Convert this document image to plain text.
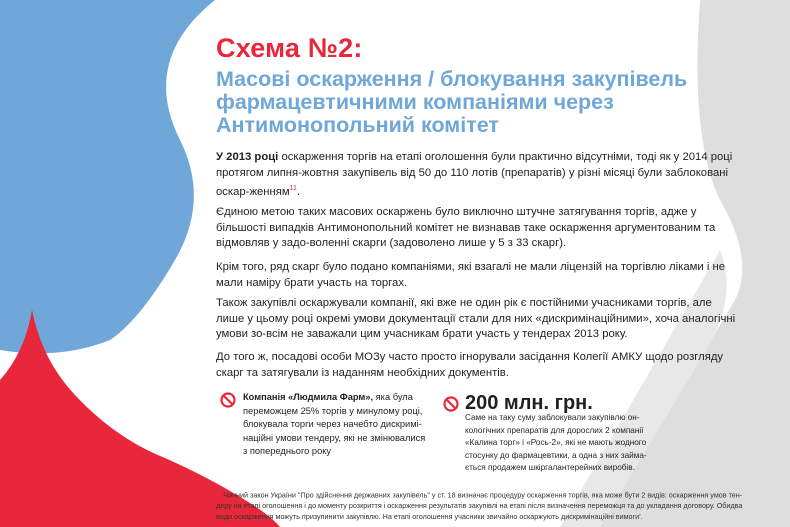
Схема №2:
Масові оскарження / блокування закупівель фармацевтичними компаніями через Антимонопольний комітет
У 2013 році оскарження торгів на етапі оголошення були практично відсутніми, тоді як у 2014 році протягом липня-жовтня закупівель від 50 до 110 лотів (препаратів) у різні місяці були заблоковані оскар-женням$^{11}$.
Єдиною метою таких масових оскаржень було виключно штучне затягування торгів, адже у більшості випадків Антимонопольний комітет не визнавав таке оскарження аргументованим та відмовляв у задо-воленні скарги (задоволено лише у 5 з 33 скарг).
Крім того, ряд скарг було подано компаніями, які взагалі не мали ліцензій на торгівлю ліками і не мали наміру брати участь на торгах.
Також закупівлі оскаржували компанії, які вже не один рік є постійними учасниками торгів, але лише у цьому році окремі умови документації стали для них «дискримінаційними», хоча аналогічні умови зо-всім не заважали цим учасникам брати участь у тендерах 2013 року.
До того ж, посадові особи МОЗу часто просто ігнорували засідання Колегії АМКУ щодо розгляду скарг та затягували із наданням необхідних документів.
Компанія «Людмила Фарм», яка була переможцем 25% торгів у минулому році, блокувала торги через начебто дискримі-наційні умови тендеру, які не змінювалися з попереднього року
200 млн. грн.
Саме на таку суму заблокували закупівлю он-кологічних препаратів для дорослих 2 компанії «Калина торг» і «Рось-2», які не мають жодного стосунку до фармацевтики, а одна з них займа-ється продажем шкіргалантерейних виробів.
$^{11}$Чинний закон України "Про здійснення державних закупівель" у ст. 18 визначає процедуру оскарження торгів, яка може бути 2 видів: оскарження умов тен-деру на етапі оголошення і до моменту розкриття і оскарження результатів закупівлі на етапі після визначення переможця та до укладання договору. Обидва види оскарження можуть призупинити закупівлю. На етапі оголошення учасники звичайно оскаржують дискримінаційні вимоги'.
